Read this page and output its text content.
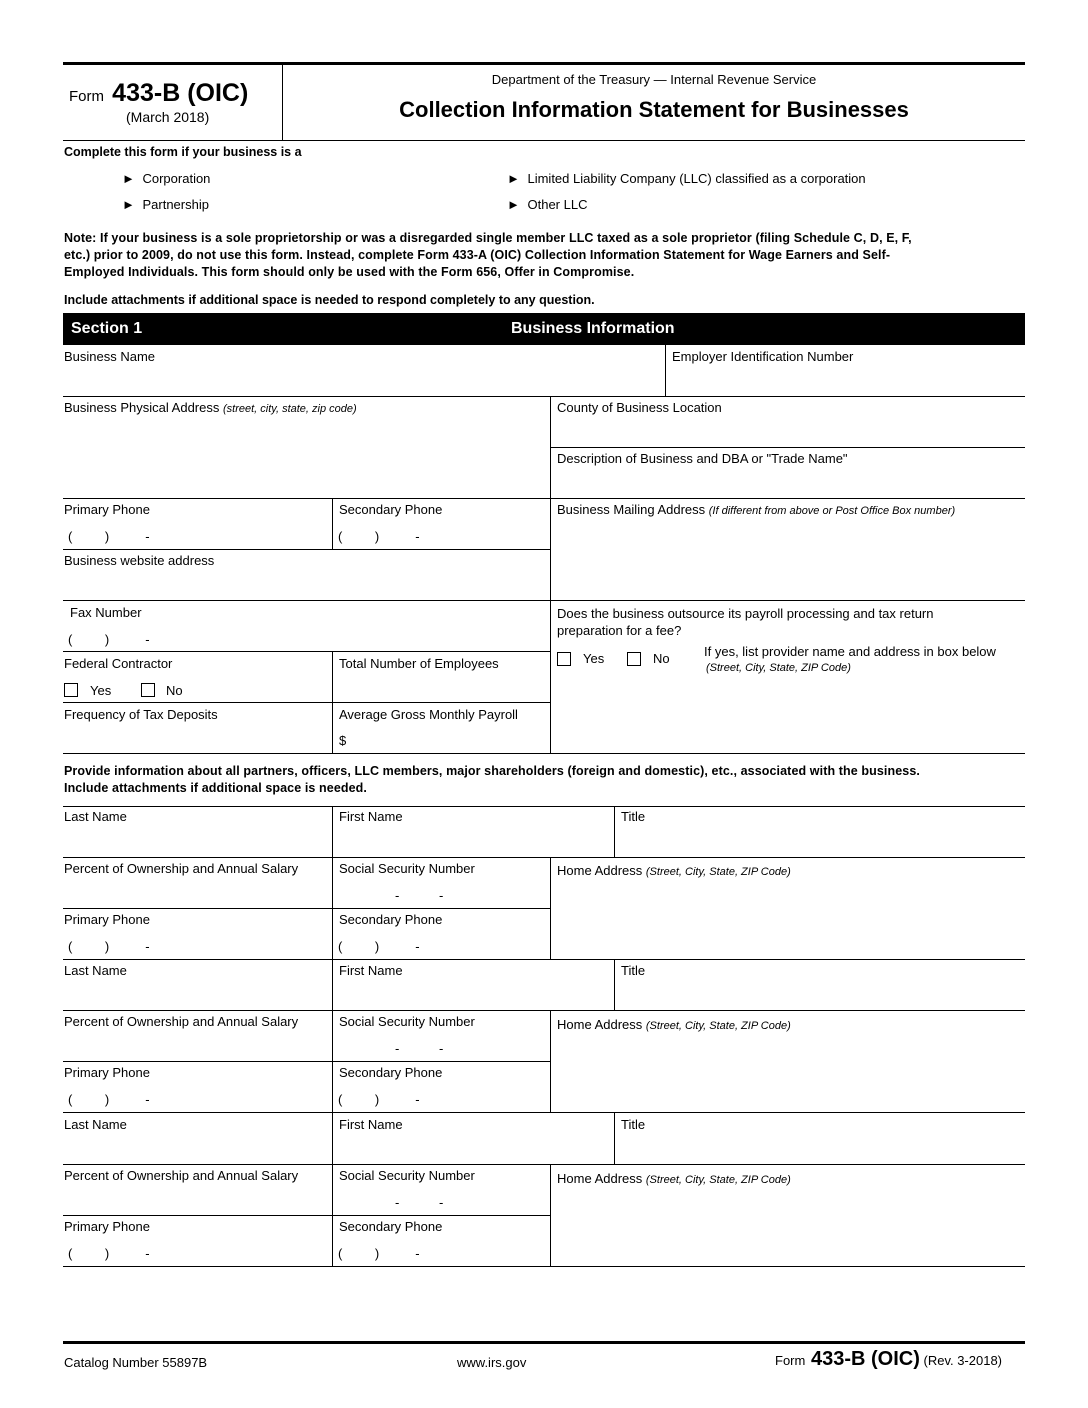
Form 433-B (OIC)
(March 2018)
Department of the Treasury — Internal Revenue Service
Collection Information Statement for Businesses
Complete this form if your business is a
► Corporation
► Partnership
► Limited Liability Company (LLC) classified as a corporation
► Other LLC
Note: If your business is a sole proprietorship or was a disregarded single member LLC taxed as a sole proprietor (filing Schedule C, D, E, F,
etc.) prior to 2009, do not use this form. Instead, complete Form 433-A (OIC) Collection Information Statement for Wage Earners and Self-
Employed Individuals. This form should only be used with the Form 656, Offer in Compromise.
Include attachments if additional space is needed to respond completely to any question.
Section 1	Business Information
Business Name	Employer Identification Number
Business Physical Address (street, city, state, zip code)	County of Business Location
Description of Business and DBA or "Trade Name"
Primary Phone
(         )          -
Secondary Phone
(         )          -
Business Mailing Address (If different from above or Post Office Box number)
Business website address
Fax Number
(         )          -
Does the business outsource its payroll processing and tax return
preparation for a fee?
Yes	No	If yes, list provider name and address in box below
(Street, City, State, ZIP Code)
Federal Contractor
Yes	No
Total Number of Employees
Frequency of Tax Deposits	Average Gross Monthly Payroll
$
Provide information about all partners, officers, LLC members, major shareholders (foreign and domestic), etc., associated with the business.
Include attachments if additional space is needed.
Last Name	First Name	Title
Percent of Ownership and Annual Salary	Social Security Number
-           -
Home Address (Street, City, State, ZIP Code)
Primary Phone
(         )          -
Secondary Phone
(         )          -
Last Name	First Name	Title
Percent of Ownership and Annual Salary	Social Security Number
-           -
Home Address (Street, City, State, ZIP Code)
Primary Phone
(         )          -
Secondary Phone
(         )          -
Last Name	First Name	Title
Percent of Ownership and Annual Salary	Social Security Number
-           -
Home Address (Street, City, State, ZIP Code)
Primary Phone
(         )          -
Secondary Phone
(         )          -
Catalog Number 55897B	www.irs.gov	Form 433-B (OIC) (Rev. 3-2018)
